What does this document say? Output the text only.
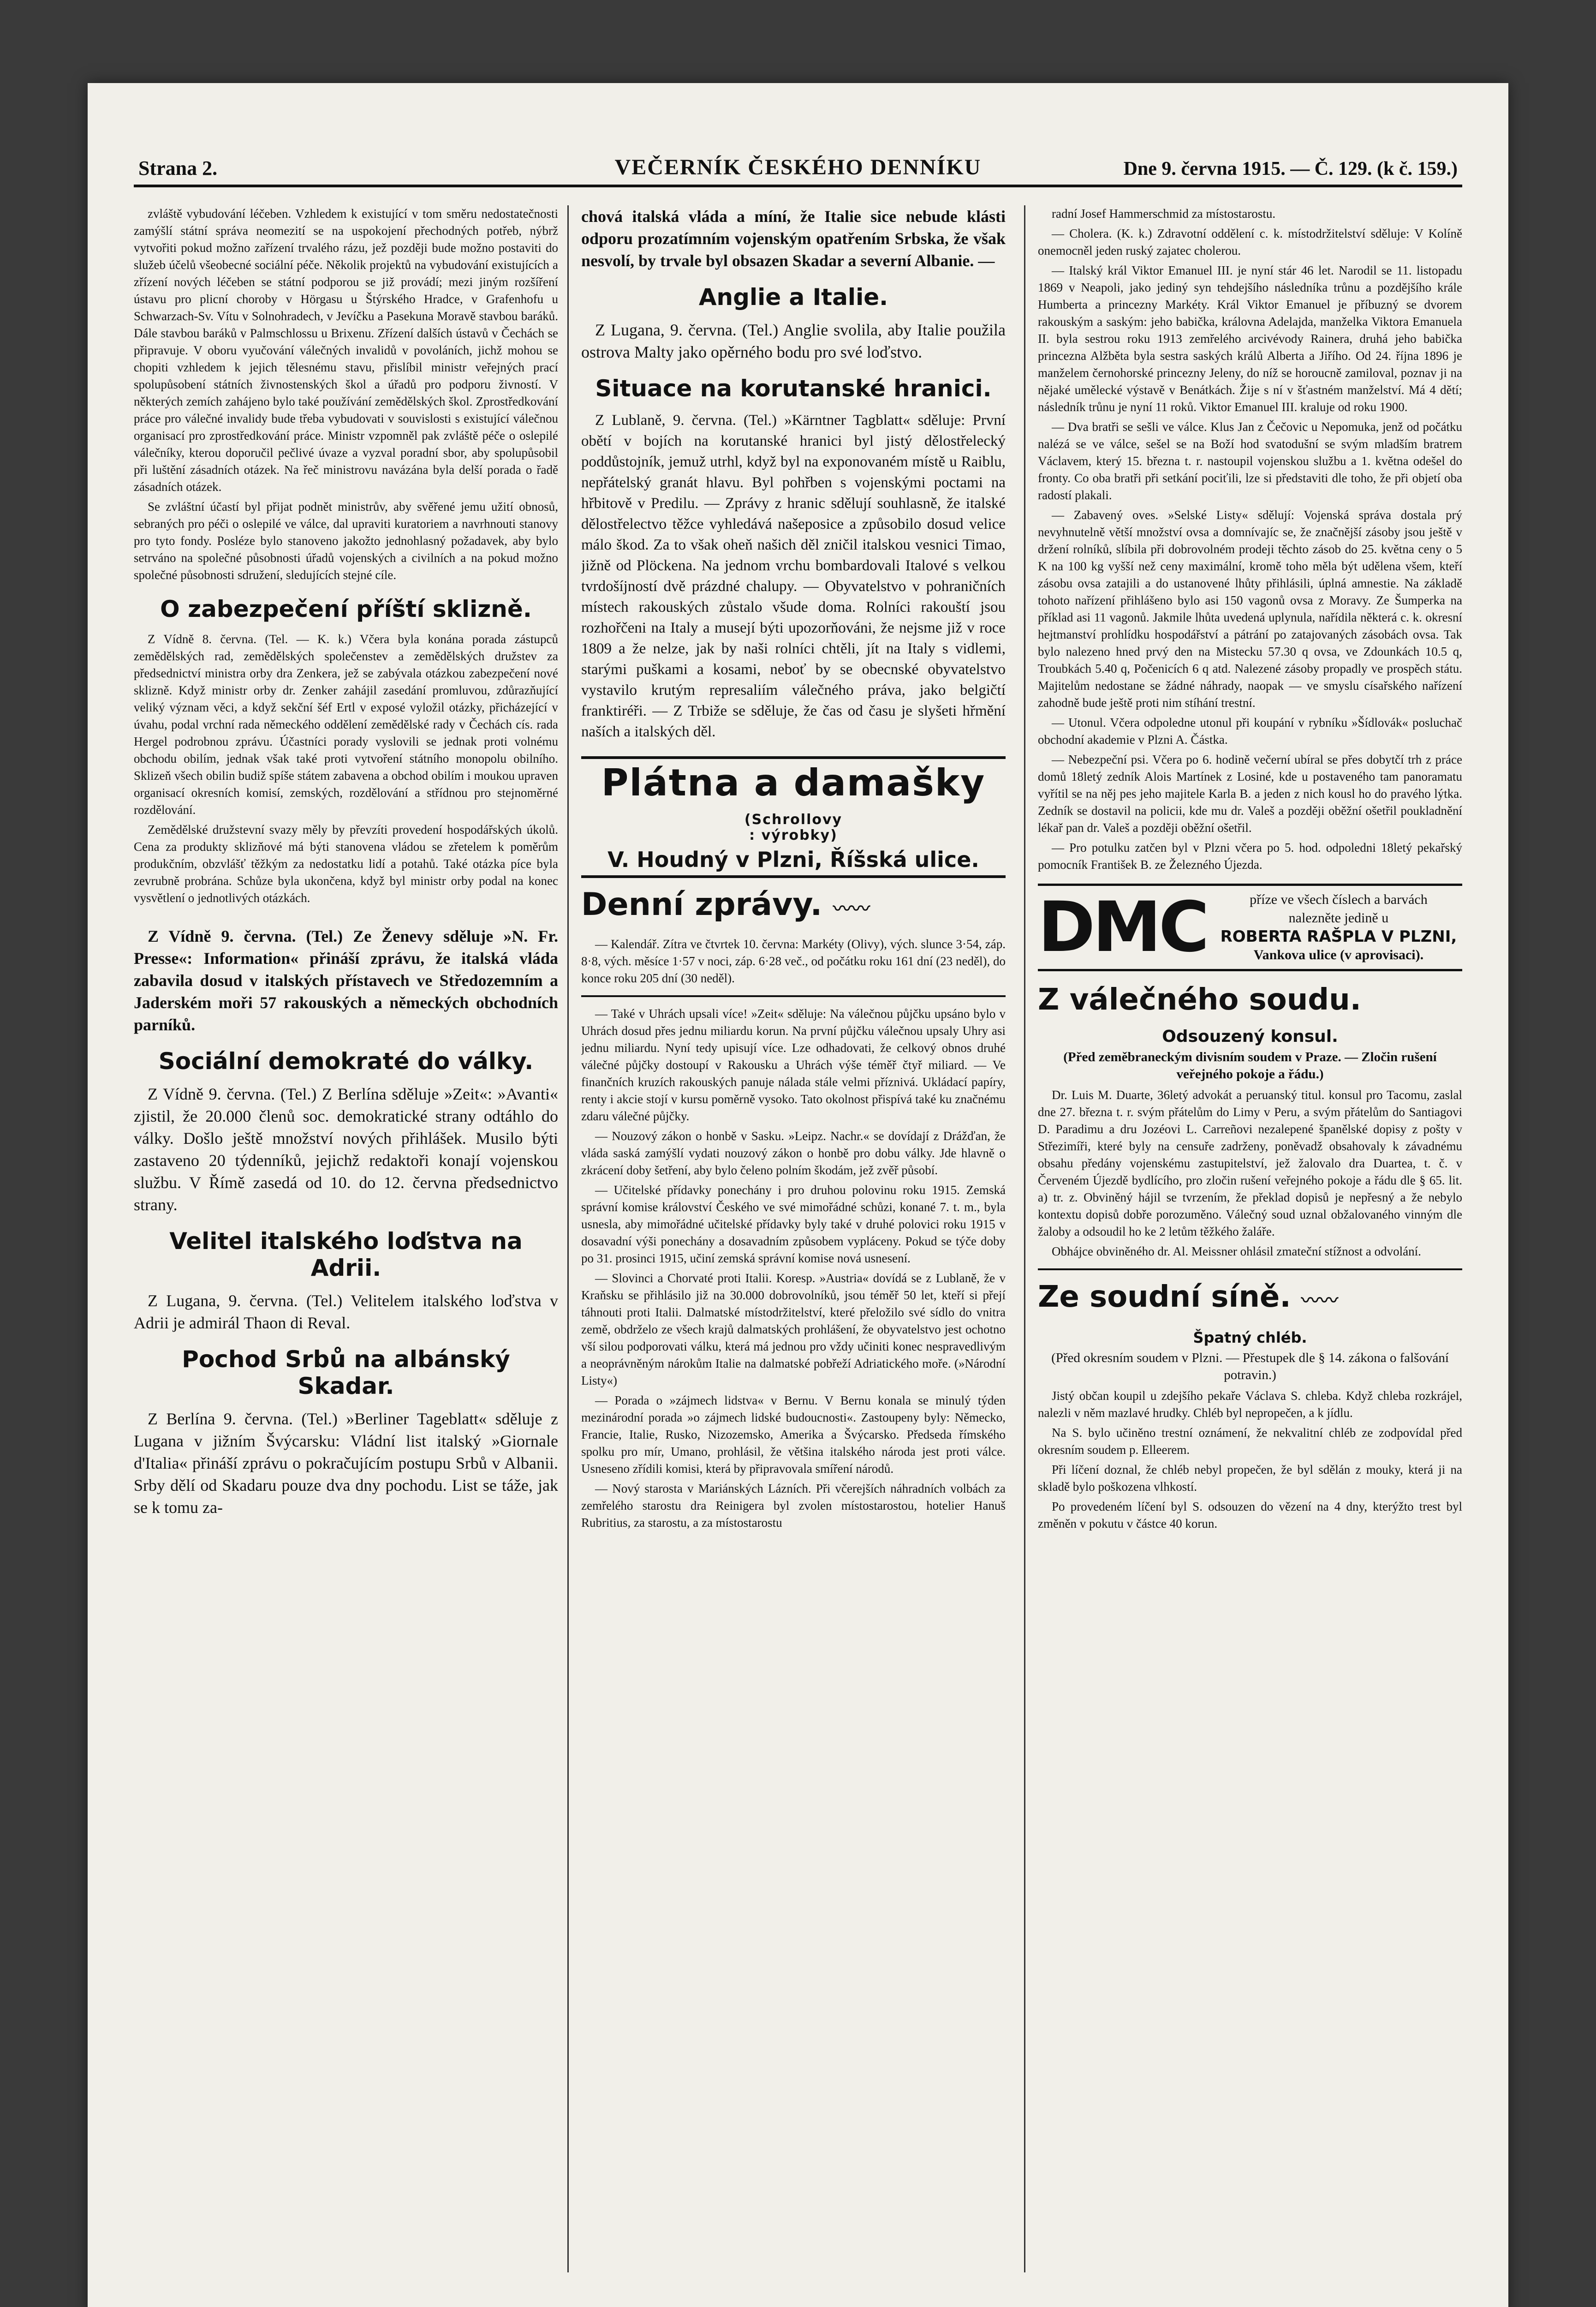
Strana 2.	VEČERNÍK ČESKÉHO DENNÍKU	Dne 9. června 1915. — Č. 129. (k č. 159.)

zvláště vybudování léčeben. Vzhledem k existující v tom směru nedostatečnosti zamýšlí státní správa neomezití se na uspokojení přechodných potřeb, nýbrž vytvořiti pokud možno zařízení trvalého rázu, jež později bude možno postaviti do služeb účelů všeobecné sociální péče. Několik projektů na vybudování existujících a zřízení nových léčeben se státní podporou se již provádí; mezi jiným rozšíření ústavu pro plicní choroby v Hörgasu u Štýrského Hradce, v Grafenhofu u Schwarzach-Sv. Vítu v Solnohradech, v Jevíčku a Pasekuna Moravě stavbou baráků. Dále stavbou baráků v Palmschlossu u Brixenu. Zřízení dalších ústavů v Čechách se připravuje. V oboru vyučování válečných invalidů v povoláních, jichž mohou se chopiti vzhledem k jejich tělesnému stavu, přislíbil ministr veřejných prací spolupůsobení státních živnostenských škol a úřadů pro podporu živností. V některých zemích zahájeno bylo také používání zemědělských škol. Zprostředkování práce pro válečné invalidy bude třeba vybudovati v souvislosti s existující válečnou organisací pro zprostředkování práce. Ministr vzpomněl pak zvláště péče o oslepilé válečníky, kterou doporučil pečlivé úvaze a vyzval poradní sbor, aby spolupůsobil při luštění zásadních otázek. Na řeč ministrovu navázána byla delší porada o řadě zásadních otázek.

Se zvláštní účastí byl přijat podnět ministrův, aby svěřené jemu užití obnosů, sebraných pro péči o oslepilé ve válce, dal upraviti kuratoriem a navrhnouti stanovy pro tyto fondy. Posléze bylo stanoveno jakožto jednohlasný požadavek, aby bylo setrváno na společné působnosti úřadů vojenských a civilních a na pokud možno společné působnosti sdružení, sledujících stejné cíle.

O zabezpečení příští sklizně.

Z Vídně 8. června. (Tel. — K. k.) Včera byla konána porada zástupců zemědělských rad, zemědělských společenstev a zemědělských družstev za předsednictví ministra orby dra Zenkera, jež se zabývala otázkou zabezpečení nové sklizně. Když ministr orby dr. Zenker zahájil zasedání promluvou, zdůrazňující veliký význam věci, a když sekční šéf Ertl v exposé vyložil otázky, přicházející v úvahu, podal vrchní rada německého oddělení zemědělské rady v Čechách cís. rada Hergel podrobnou zprávu. Účastníci porady vyslovili se jednak proti volnému obchodu obilím, jednak však také proti vytvoření státního monopolu obilního. Sklizeň všech obilin budiž spíše státem zabavena a obchod obilím i moukou upraven organisací okresních komisí, zemských, rozdělování a střídnou pro stejnoměrné rozdělování.

Zemědělské družstevní svazy měly by převzíti provedení hospodářských úkolů. Cena za produkty sklizňové má býti stanovena vládou se zřetelem k poměrům produkčním, obzvlášť těžkým za nedostatku lidí a potahů. Také otázka píce byla zevrubně probrána. Schůze byla ukončena, když byl ministr orby podal na konec vysvětlení o jednotlivých otázkách.

Z Vídně 9. června. (Tel.) Ze Ženevy sděluje »N. Fr. Presse«: Information« přináší zprávu, že italská vláda zabavila dosud v italských přístavech ve Středozemním a Jaderském moři 57 rakouských a německých obchodních parníků.

Sociální demokraté do války.

Z Vídně 9. června. (Tel.) Z Berlína sděluje »Zeit«: »Avanti« zjistil, že 20.000 členů soc. demokratické strany odtáhlo do války. Došlo ještě množství nových přihlášek. Musilo býti zastaveno 20 týdenníků, jejichž redaktoři konají vojenskou službu. V Římě zasedá od 10. do 12. června předsednictvo strany.

Velitel italského loďstva na Adrii.

Z Lugana, 9. června. (Tel.) Velitelem italského loďstva v Adrii je admirál Thaon di Reval.

Pochod Srbů na albánský Skadar.

Z Berlína 9. června. (Tel.) »Berliner Tageblatt« sděluje z Lugana v jižním Švýcarsku: Vládní list italský »Giornale d'Italia« přináší zprávu o pokračujícím postupu Srbů v Albanii. Srby dělí od Skadaru pouze dva dny pochodu. List se táže, jak se k tomu za-

chová italská vláda a míní, že Italie sice nebude klásti odporu prozatímním vojenským opatřením Srbska, že však nesvolí, by trvale byl obsazen Skadar a severní Albanie. —

Anglie a Italie.

Z Lugana, 9. června. (Tel.) Anglie svolila, aby Italie použila ostrova Malty jako opěrného bodu pro své loďstvo.

Situace na korutanské hranici.

Z Lublaně, 9. června. (Tel.) »Kärntner Tagblatt« sděluje: První obětí v bojích na korutanské hranici byl jistý dělostřelecký poddůstojník, jemuž utrhl, když byl na exponovaném místě u Raiblu, nepřátelský granát hlavu. Byl pohřben s vojenskými poctami na hřbitově v Predilu. — Zprávy z hranic sdělují souhlasně, že italské dělostřelectvo těžce vyhledává našeposice a způsobilo dosud velice málo škod. Za to však oheň našich děl zničil italskou vesnici Timao, jižně od Plöckena. Na jednom vrchu bombardovali Italové s velkou tvrdošíjností dvě prázdné chalupy. — Obyvatelstvo v pohraničních místech rakouských zůstalo všude doma. Rolníci rakouští jsou rozhořčeni na Italy a musejí býti upozorňováni, že nejsme již v roce 1809 a že nelze, jak by naši rolníci chtěli, jít na Italy s vidlemi, starými puškami a kosami, neboť by se obecnské obyvatelstvo vystavilo krutým represaliím válečného práva, jako belgičtí franktiréři. — Z Trbiže se sděluje, že čas od času je slyšeti hřmění naších a italských děl.

Plátna a damašky (Schrollovy
: výrobky)
V. Houdný v Plzni, Říšská ulice.
Denní zprávy. 〰〰

— Kalendář. Zítra ve čtvrtek 10. června: Markéty (Olivy), vých. slunce 3·54, záp. 8·8, vých. měsíce 1·57 v noci, záp. 6·28 več., od počátku roku 161 dní (23 neděl), do konce roku 205 dní (30 neděl).

— Také v Uhrách upsali více! »Zeit« sděluje: Na válečnou půjčku upsáno bylo v Uhrách dosud přes jednu miliardu korun. Na první půjčku válečnou upsaly Uhry asi jednu miliardu. Nyní tedy upisují více. Lze odhadovati, že celkový obnos druhé válečné půjčky dostoupí v Rakousku a Uhrách výše téměř čtyř miliard. — Ve finančních kruzích rakouských panuje nálada stále velmi příznivá. Ukládací papíry, renty i akcie stojí v kursu poměrně vysoko. Tato okolnost přispívá také ku značnému zdaru válečné půjčky.

— Nouzový zákon o honbě v Sasku. »Leipz. Nachr.« se dovídají z Drážďan, že vláda saská zamýšlí vydati nouzový zákon o honbě pro dobu války. Jde hlavně o zkrácení doby šetření, aby bylo čeleno polním škodám, jež zvěř působí.

— Učitelské přídavky ponechány i pro druhou polovinu roku 1915. Zemská správní komise království Českého ve své mimořádné schůzi, konané 7. t. m., byla usnesla, aby mimořádné učitelské přídavky byly také v druhé polovici roku 1915 v dosavadní výši ponechány a dosavadním způsobem vypláceny. Pokud se týče doby po 31. prosinci 1915, učiní zemská správní komise nová usnesení.

— Slovinci a Chorvaté proti Italii. Koresp. »Austria« dovídá se z Lublaně, že v Kraňsku se přihlásilo již na 30.000 dobrovolníků, jsou téměř 50 let, kteří si přejí táhnouti proti Italii. Dalmatské místodržitelství, které přeložilo své sídlo do vnitra země, obdrželo ze všech krajů dalmatských prohlášení, že obyvatelstvo jest ochotno vší silou podporovati válku, která má jednou pro vždy učiniti konec nespravedlivým a neoprávněným nárokům Italie na dalmatské pobřeží Adriatického moře. (»Národní Listy«)

— Porada o »zájmech lidstva« v Bernu. V Bernu konala se minulý týden mezinárodní porada »o zájmech lidské budoucnosti«. Zastoupeny byly: Německo, Francie, Italie, Rusko, Nizozemsko, Amerika a Švýcarsko. Předseda římského spolku pro mír, Umano, prohlásil, že většina italského národa jest proti válce. Usneseno zřídili komisi, která by připravovala smíření národů.

— Nový starosta v Mariánských Lázních. Při včerejších náhradních volbách za zemřelého starostu dra Reinigera byl zvolen místostarostou, hotelier Hanuš Rubritius, za starostu, a za místostarostu

radní Josef Hammerschmid za místostarostu.

— Cholera. (K. k.) Zdravotní oddělení c. k. místodržitelství sděluje: V Kolíně onemocněl jeden ruský zajatec cholerou.

— Italský král Viktor Emanuel III. je nyní stár 46 let. Narodil se 11. listopadu 1869 v Neapoli, jako jediný syn tehdejšího následníka trůnu a pozdějšího krále Humberta a princezny Markéty. Král Viktor Emanuel je příbuzný se dvorem rakouským a saským: jeho babička, královna Adelajda, manželka Viktora Emanuela II. byla sestrou roku 1913 zemřelého arcivévody Rainera, druhá jeho babička princezna Alžběta byla sestra saských králů Alberta a Jiřího. Od 24. října 1896 je manželem černohorské princezny Jeleny, do níž se horoucně zamiloval, poznav ji na nějaké umělecké výstavě v Benátkách. Žije s ní v šťastném manželství. Má 4 dětí; následník trůnu je nyní 11 roků. Viktor Emanuel III. kraluje od roku 1900.

— Dva bratři se sešli ve válce. Klus Jan z Čečovic u Nepomuka, jenž od počátku nalézá se ve válce, sešel se na Boží hod svatodušní se svým mladším bratrem Václavem, který 15. března t. r. nastoupil vojenskou službu a 1. května odešel do fronty. Co oba bratři při setkání pociťili, lze si představiti dle toho, že při objetí oba radostí plakali.

— Zabavený oves. »Selské Listy« sdělují: Vojenská správa dostala prý nevyhnutelně větší množství ovsa a domnívajíc se, že značnější zásoby jsou ještě v držení rolníků, slíbila při dobrovolném prodeji těchto zásob do 25. května ceny o 5 K na 100 kg vyšší než ceny maximální, kromě toho měla být udělena všem, kteří zásobu ovsa zatajili a do ustanovené lhůty přihlásili, úplná amnestie. Na základě tohoto nařízení přihlášeno bylo asi 150 vagonů ovsa z Moravy. Ze Šumperka na příklad asi 11 vagonů. Jakmile lhůta uvedená uplynula, nařídila některá c. k. okresní hejtmanství prohlídku hospodářství a pátrání po zatajovaných zásobách ovsa. Tak bylo nalezeno hned prvý den na Mistecku 57.30 q ovsa, ve Zdounkách 10.5 q, Troubkách 5.40 q, Počenicích 6 q atd. Nalezené zásoby propadly ve prospěch státu. Majitelům nedostane se žádné náhrady, naopak — ve smyslu císařského nařízení zahodně bude ještě proti nim stíhání trestní.

— Utonul. Včera odpoledne utonul při koupání v rybníku »Šídlovák« posluchač obchodní akademie v Plzni A. Částka.

— Nebezpeční psi. Včera po 6. hodině večerní ubíral se přes dobytčí trh z práce domů 18letý zedník Alois Martínek z Losiné, kde u postaveného tam panoramatu vyřítil se na něj pes jeho majitele Karla B. a jeden z nich kousl ho do pravého lýtka. Zedník se dostavil na policii, kde mu dr. Valeš a později oběžní ošetřil poukladnění lékař pan dr. Valeš a později oběžní ošetřil.

— Pro potulku zatčen byl v Plzni včera po 5. hod. odpoledni 18letý pekařský pomocník František B. ze Železného Újezda.

DMC	příze ve všech číslech a barvách
nalezněte jedině u
ROBERTA RAŠPLA V PLZNI,
Vankova ulice (v aprovisaci).
Z válečného soudu.
Odsouzený konsul.

(Před zeměbraneckým divisním soudem v Praze. — Zločin rušení veřejného pokoje a řádu.)

Dr. Luis M. Duarte, 36letý advokát a peruanský titul. konsul pro Tacomu, zaslal dne 27. března t. r. svým přátelům do Limy v Peru, a svým přátelům do Santiagovi D. Paradimu a dru Jozéovi L. Carreñovi nezalepené španělské dopisy z pošty v Střezimíři, které byly na censuře zadrženy, poněvadž obsahovaly k závadnému obsahu předány vojenskému zastupitelství, jež žalovalo dra Duartea, t. č. v Červeném Újezdě bydlícího, pro zločin rušení veřejného pokoje a řádu dle § 65. lit. a) tr. z. Obviněný hájil se tvrzením, že překlad dopisů je nepřesný a že nebylo kontextu dopisů dobře porozuměno. Válečný soud uznal obžalovaného vinným dle žaloby a odsoudil ho ke 2 letům těžkého žaláře.

Obhájce obviněného dr. Al. Meissner ohlásil zmateční stížnost a odvolání.

Ze soudní síně. 〰〰
Špatný chléb.

(Před okresním soudem v Plzni. — Přestupek dle § 14. zákona o falšování potravin.)

Jistý občan koupil u zdejšího pekaře Václava S. chleba. Když chleba rozkrájel, nalezli v něm mazlavé hrudky. Chléb byl nepropečen, a k jídlu.

Na S. bylo učiněno trestní oznámení, že nekvalitní chléb ze zodpovídal před okresním soudem p. Elleerem.

Při líčení doznal, že chléb nebyl propečen, že byl sdělán z mouky, která ji na skladě bylo poškozena vlhkostí.

Po provedeném líčení byl S. odsouzen do vězení na 4 dny, kterýžto trest byl změněn v pokutu v částce 40 korun.
